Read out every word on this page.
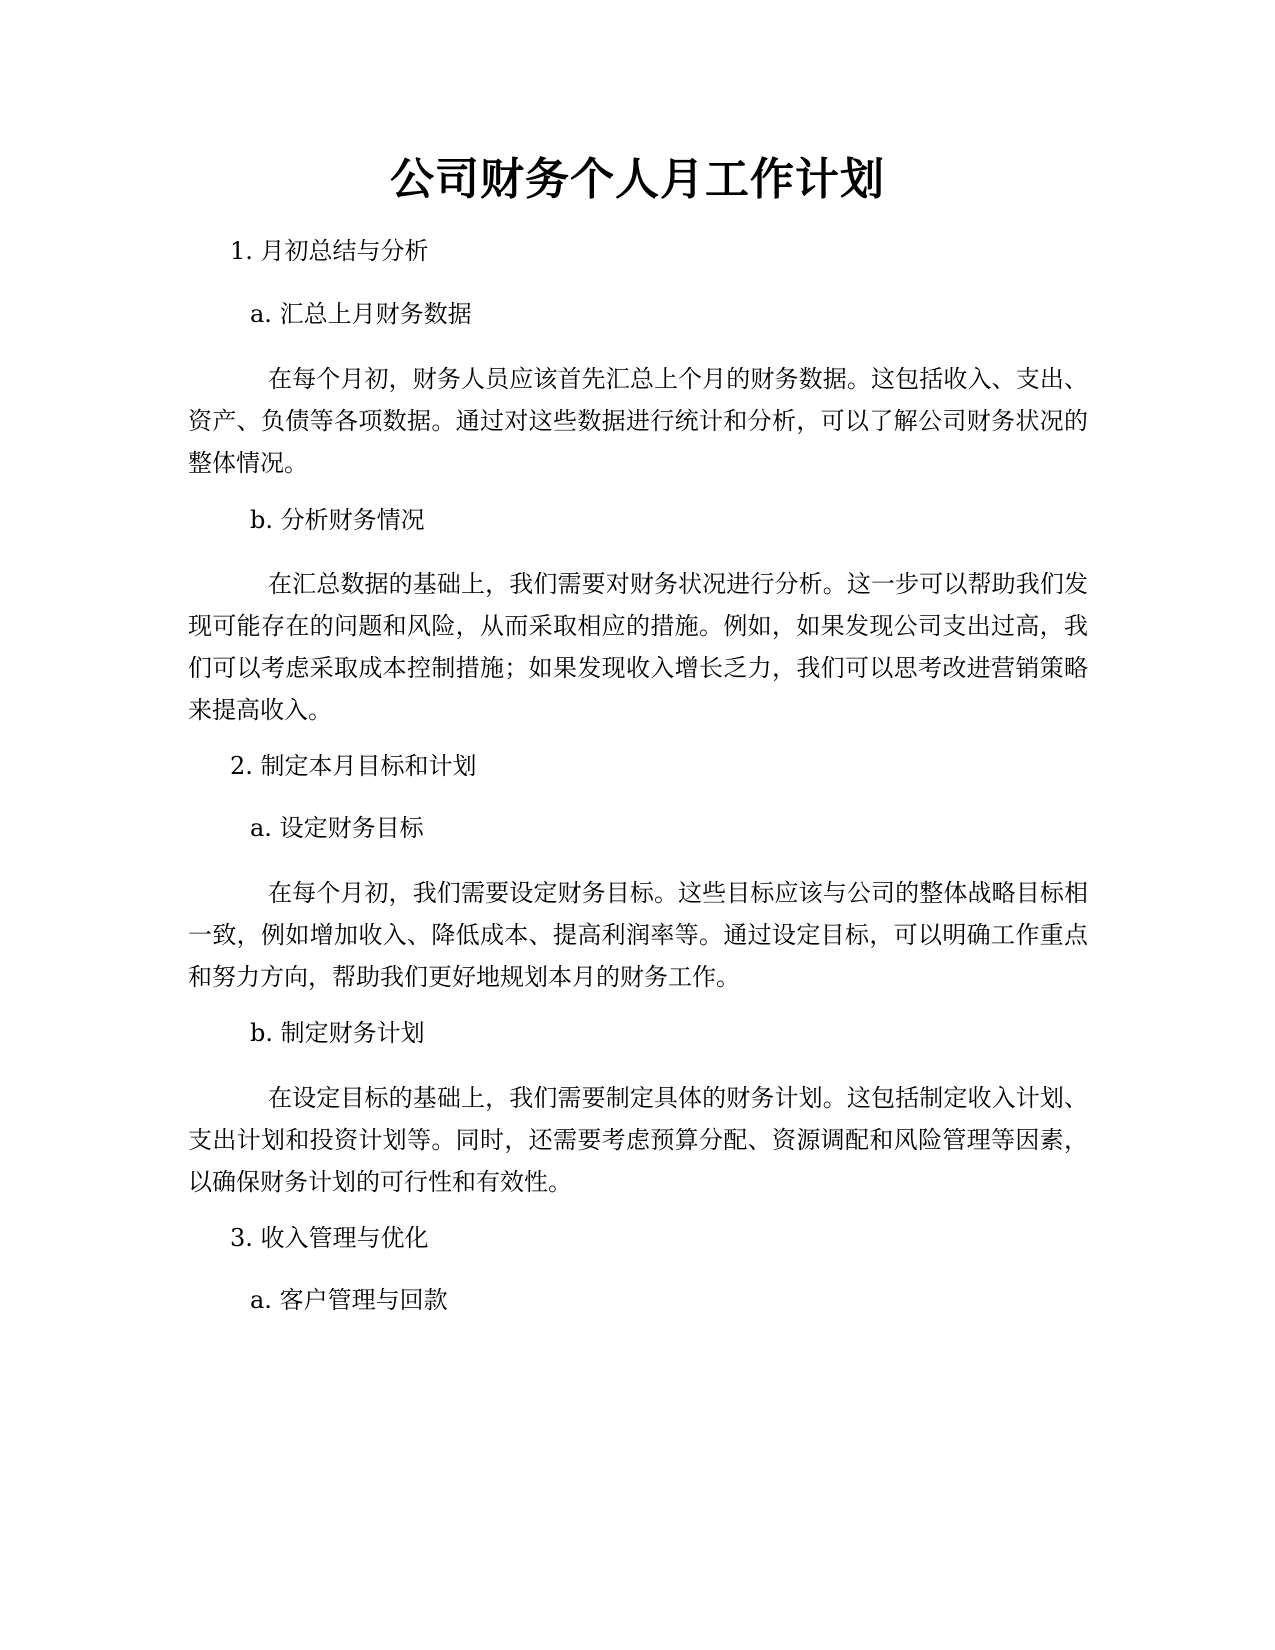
公司财务个人月工作计划

1. 月初总结与分析

a. 汇总上月财务数据

在每个月初，财务人员应该首先汇总上个月的财务数据。这包括收入、支出、资产、负债等各项数据。通过对这些数据进行统计和分析，可以了解公司财务状况的整体情况。

b. 分析财务情况

在汇总数据的基础上，我们需要对财务状况进行分析。这一步可以帮助我们发现可能存在的问题和风险，从而采取相应的措施。例如，如果发现公司支出过高，我们可以考虑采取成本控制措施；如果发现收入增长乏力，我们可以思考改进营销策略来提高收入。

2. 制定本月目标和计划

a. 设定财务目标

在每个月初，我们需要设定财务目标。这些目标应该与公司的整体战略目标相一致，例如增加收入、降低成本、提高利润率等。通过设定目标，可以明确工作重点和努力方向，帮助我们更好地规划本月的财务工作。

b. 制定财务计划

在设定目标的基础上，我们需要制定具体的财务计划。这包括制定收入计划、支出计划和投资计划等。同时，还需要考虑预算分配、资源调配和风险管理等因素，以确保财务计划的可行性和有效性。

3. 收入管理与优化

a. 客户管理与回款
